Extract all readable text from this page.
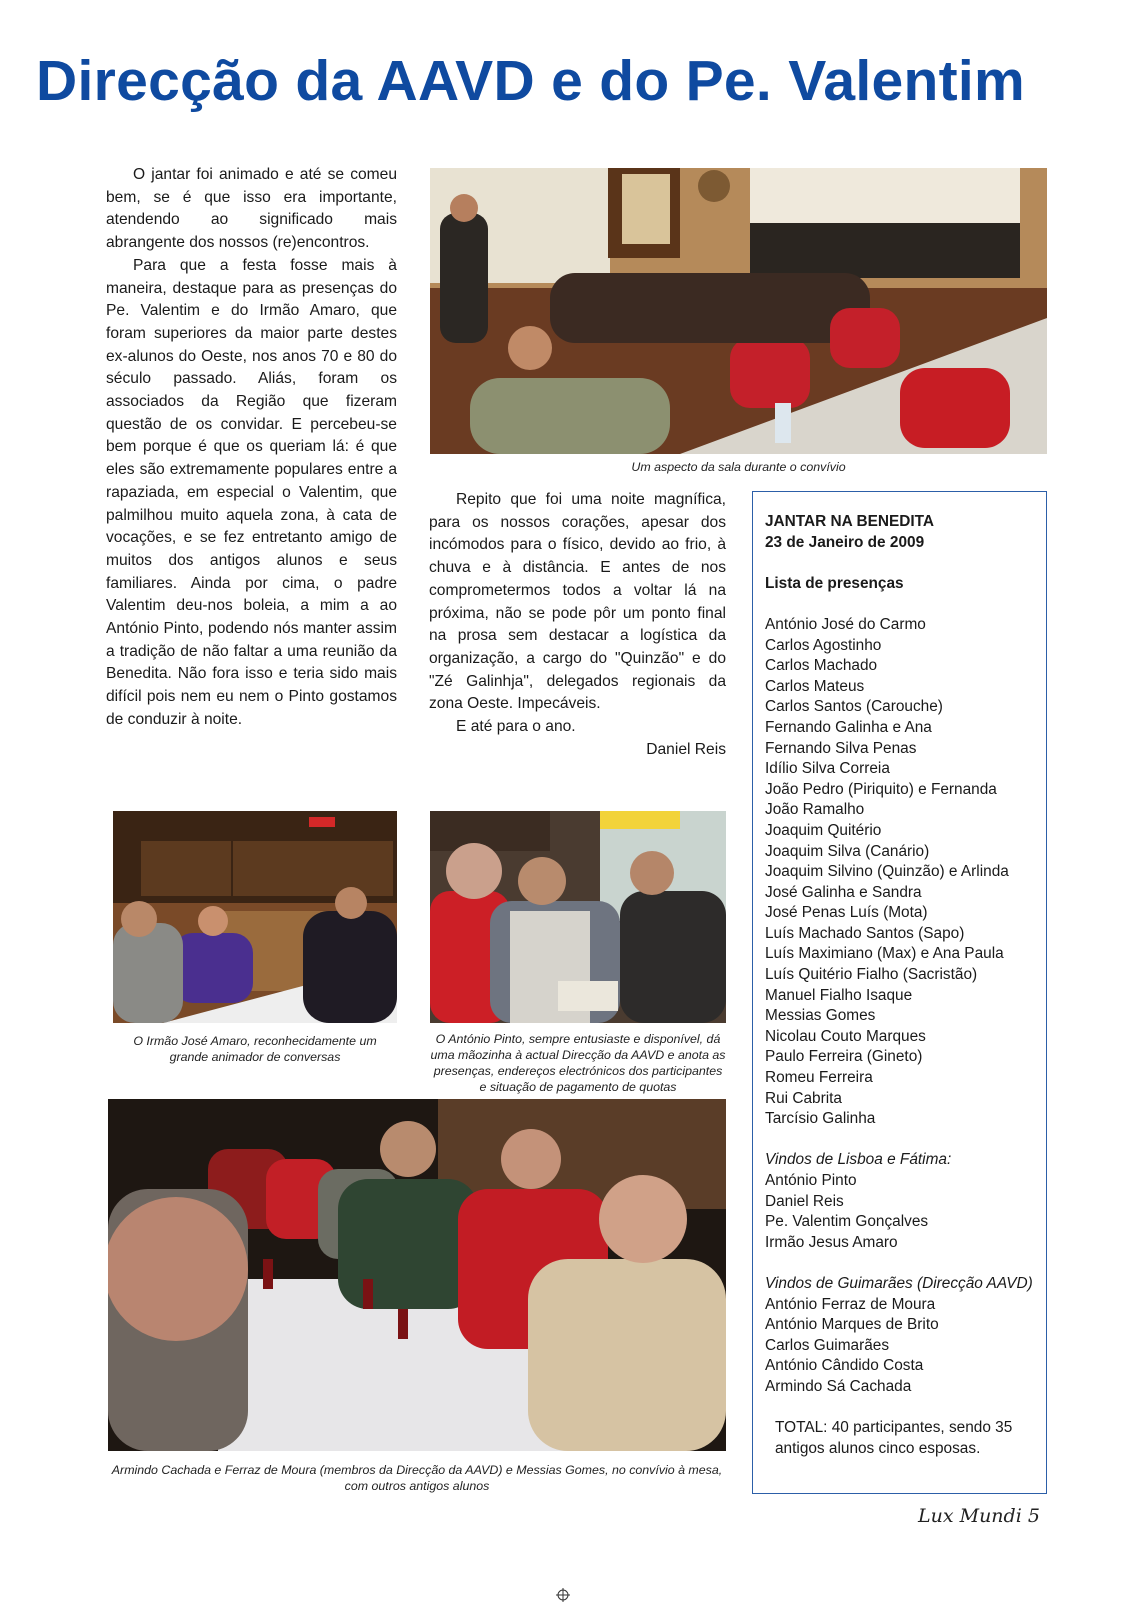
Direcção da AAVD e do Pe. Valentim

O jantar foi animado e até se comeu bem, se é que isso era importante, atendendo ao significado mais abrangente dos nossos (re)encontros.

Para que a festa fosse mais à maneira, destaque para as presenças do Pe. Valentim e do Irmão Amaro, que foram superiores da maior parte destes ex-alunos do Oeste, nos anos 70 e 80 do século passado. Aliás, foram os associados da Região que fizeram questão de os convidar. E percebeu-se bem porque é que os queriam lá: é que eles são extremamente populares entre a rapaziada, em especial o Valentim, que palmilhou muito aquela zona, à cata de vocações, e se fez entretanto amigo de muitos dos antigos alunos e seus familiares. Ainda por cima, o padre Valentim deu-nos boleia, a mim a ao António Pinto, podendo nós manter assim a tradição de não faltar a uma reunião da Benedita. Não fora isso e teria sido mais difícil pois nem eu nem o Pinto gostamos de conduzir à noite.

Um aspecto da sala durante o convívio

Repito que foi uma noite magnífica, para os nossos corações, apesar dos incómodos para o físico, devido ao frio, à chuva e à distância. E antes de nos comprometermos todos a voltar lá na próxima, não se pode pôr um ponto final na prosa sem destacar a logística da organização, a cargo do "Quinzão" e do "Zé Galinhja", delegados regionais da zona Oeste. Impecáveis.

E até para o ano.

Daniel Reis

JANTAR NA BENEDITA
23 de Janeiro de 2009
Lista de presenças
António José do Carmo
Carlos Agostinho
Carlos Machado
Carlos Mateus
Carlos Santos (Carouche)
Fernando Galinha e Ana
Fernando Silva Penas
Idílio Silva Correia
João Pedro (Piriquito) e Fernanda
João Ramalho
Joaquim Quitério
Joaquim Silva (Canário)
Joaquim Silvino (Quinzão) e Arlinda
José Galinha e Sandra
José Penas Luís (Mota)
Luís Machado Santos (Sapo)
Luís Maximiano (Max) e Ana Paula
Luís Quitério Fialho (Sacristão)
Manuel Fialho Isaque
Messias Gomes
Nicolau Couto Marques
Paulo Ferreira (Gineto)
Romeu Ferreira
Rui Cabrita
Tarcísio Galinha
Vindos de Lisboa e Fátima:
António Pinto
Daniel Reis
Pe. Valentim Gonçalves
Irmão Jesus Amaro
Vindos de Guimarães (Direcção AAVD)
António Ferraz de Moura
António Marques de Brito
Carlos Guimarães
António Cândido Costa
Armindo Sá Cachada
TOTAL: 40 participantes, sendo 35 antigos alunos cinco esposas.
O Irmão José Amaro, reconhecidamente um grande animador de conversas
O António Pinto, sempre entusiaste e disponível, dá uma mãozinha à actual Direcção da AAVD e anota as presenças, endereços electrónicos dos participantes e situação de pagamento de quotas
Armindo Cachada e Ferraz de Moura (membros da Direcção da AAVD) e Messias Gomes, no convívio à mesa, com outros antigos alunos
Lux Mundi 5
